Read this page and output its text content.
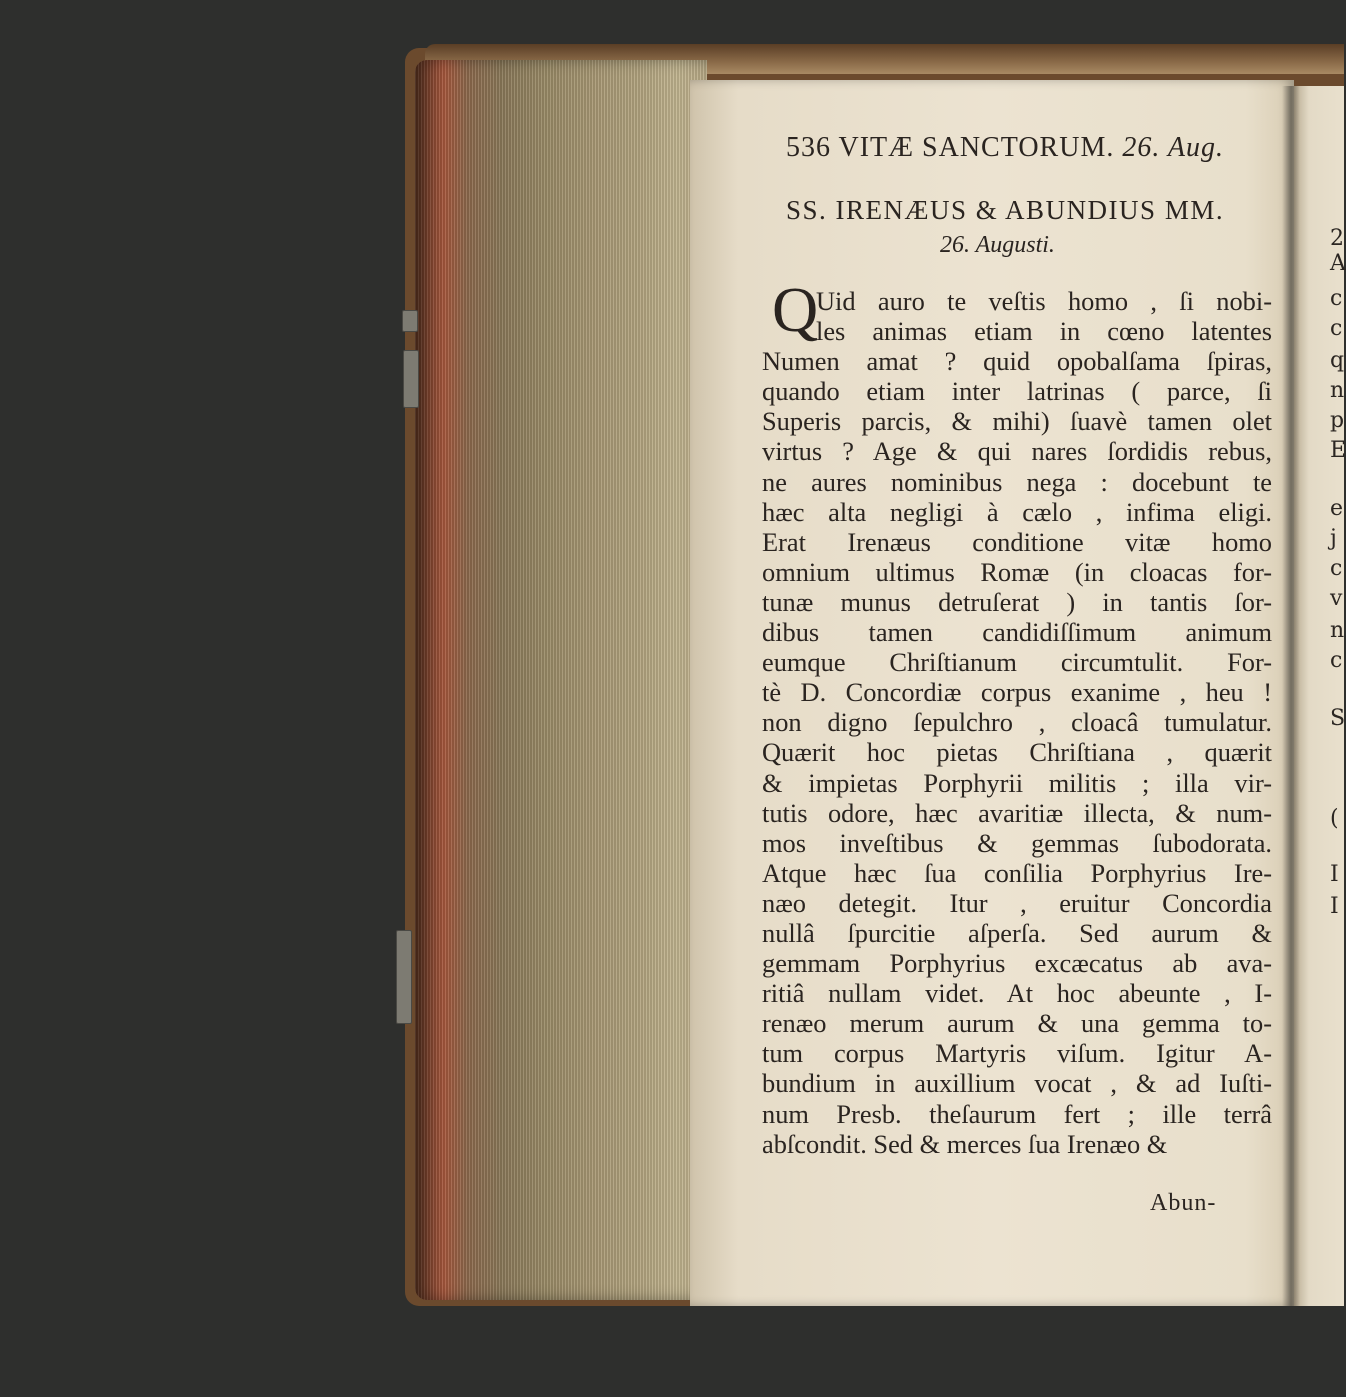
2
A
c
c
q
n
p
E
e
j
c
v
n
c
S
(
I
I
536 VITÆ SANCTORUM. 26. Aug.
SS. IRENÆUS & ABUNDIUS MM.
26. Augusti.
Q
Uid auro te veſtis homo , ſi nobi-
les animas etiam in cœno latentes
Numen amat ? quid opobalſama ſpiras,
quando etiam inter latrinas ( parce, ſi
Superis parcis, & mihi) ſuavè tamen olet
virtus ? Age & qui nares ſordidis rebus,
ne aures nominibus nega : docebunt te
hæc alta negligi à cælo , infima eligi.
Erat Irenæus conditione vitæ homo
omnium ultimus Romæ (in cloacas for-
tunæ munus detruſerat ) in tantis ſor-
dibus tamen candidiſſimum animum
eumque Chriſtianum circumtulit. For-
tè D. Concordiæ corpus exanime , heu !
non digno ſepulchro , cloacâ tumulatur.
Quærit hoc pietas Chriſtiana , quærit
& impietas Porphyrii militis ; illa vir-
tutis odore, hæc avaritiæ illecta, & num-
mos inveſtibus & gemmas ſubodorata.
Atque hæc ſua conſilia Porphyrius Ire-
næo detegit. Itur , eruitur Concordia
nullâ ſpurcitie aſperſa. Sed aurum &
gemmam Porphyrius excæcatus ab ava-
ritiâ nullam videt. At hoc abeunte , I-
renæo merum aurum & una gemma to-
tum corpus Martyris viſum. Igitur A-
bundium in auxillium vocat , & ad Iuſti-
num Presb. theſaurum fert ; ille terrâ
abſcondit. Sed & merces ſua Irenæo &
Abun-
